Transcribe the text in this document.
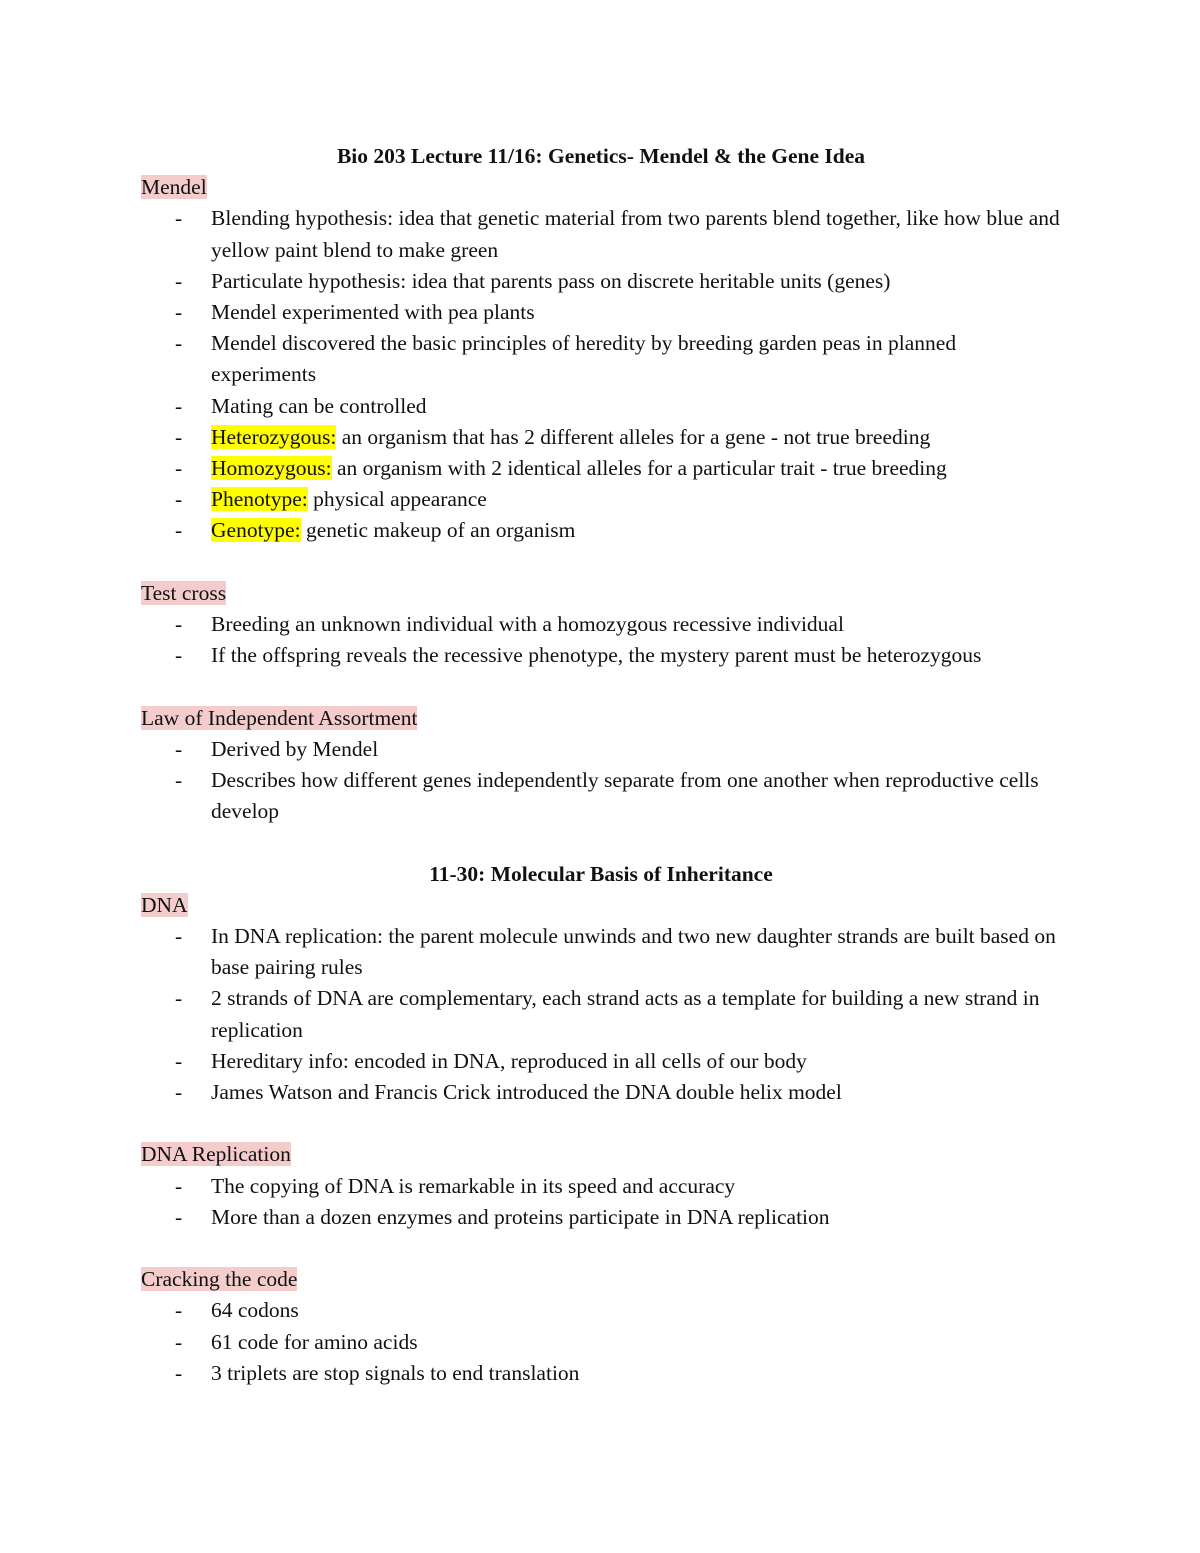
Bio 203 Lecture 11/16: Genetics- Mendel & the Gene Idea

Mendel

- Blending hypothesis: idea that genetic material from two parents blend together, like how blue and yellow paint blend to make green
- Particulate hypothesis: idea that parents pass on discrete heritable units (genes)
- Mendel experimented with pea plants
- Mendel discovered the basic principles of heredity by breeding garden peas in planned experiments
- Mating can be controlled
- Heterozygous: an organism that has 2 different alleles for a gene - not true breeding
- Homozygous: an organism with 2 identical alleles for a particular trait - true breeding
- Phenotype: physical appearance
- Genotype: genetic makeup of an organism

Test cross

- Breeding an unknown individual with a homozygous recessive individual
- If the offspring reveals the recessive phenotype, the mystery parent must be heterozygous

Law of Independent Assortment

- Derived by Mendel
- Describes how different genes independently separate from one another when reproductive cells develop

11-30: Molecular Basis of Inheritance

DNA

- In DNA replication: the parent molecule unwinds and two new daughter strands are built based on base pairing rules
- 2 strands of DNA are complementary, each strand acts as a template for building a new strand in replication
- Hereditary info: encoded in DNA, reproduced in all cells of our body
- James Watson and Francis Crick introduced the DNA double helix model

DNA Replication

- The copying of DNA is remarkable in its speed and accuracy
- More than a dozen enzymes and proteins participate in DNA replication

Cracking the code

- 64 codons
- 61 code for amino acids
- 3 triplets are stop signals to end translation
